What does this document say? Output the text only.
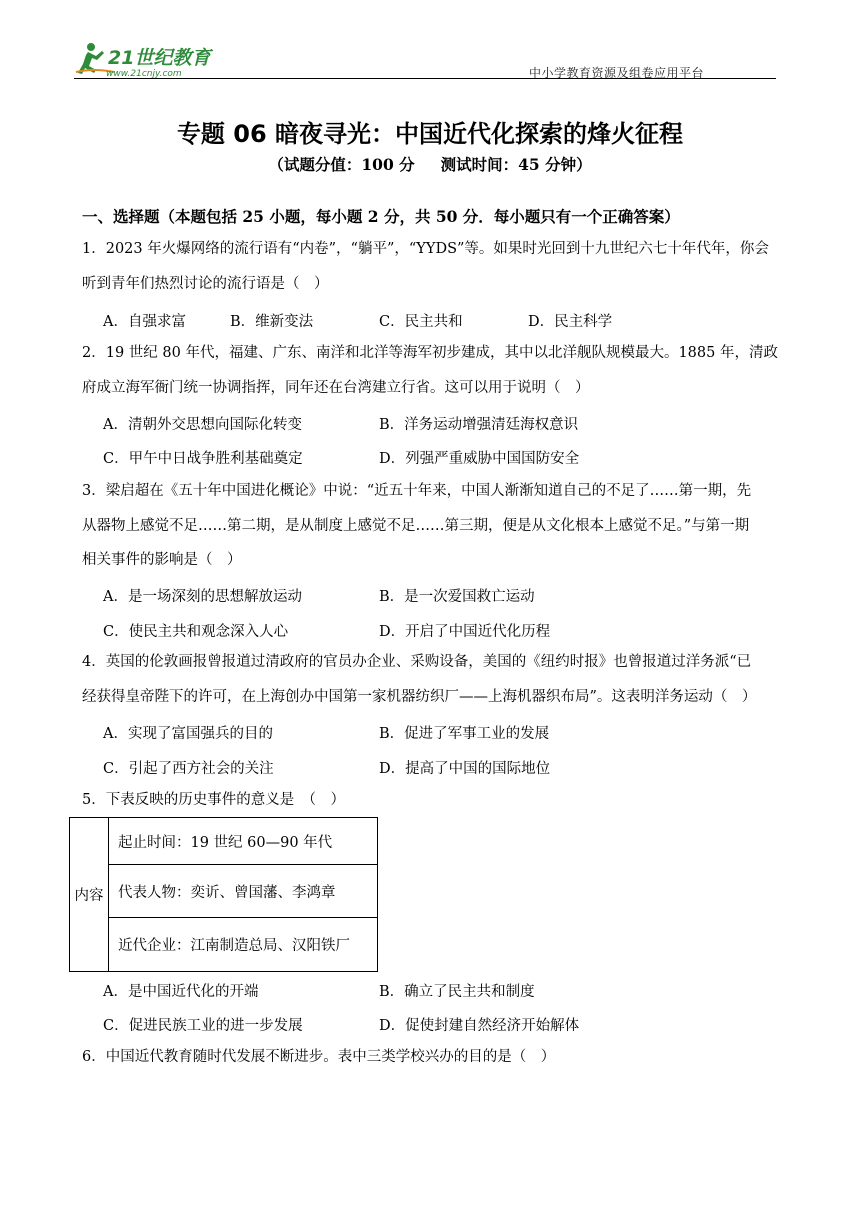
21世纪教育
www.21cnjy.com	中小学教育资源及组卷应用平台
专题 06 暗夜寻光：中国近代化探索的烽火征程
（试题分值：100 分 测试时间：45 分钟）
一、选择题（本题包括 25 小题，每小题 2 分，共 50 分．每小题只有一个正确答案）
1．2023 年火爆网络的流行语有“内卷”，“躺平”，“YYDS”等。如果时光回到十九世纪六七十年代年，你会
听到青年们热烈讨论的流行语是（　）
A．自强求富	B．维新变法	C．民主共和	D．民主科学
2．19 世纪 80 年代，福建、广东、南洋和北洋等海军初步建成，其中以北洋舰队规模最大。1885 年，清政
府成立海军衙门统一协调指挥，同年还在台湾建立行省。这可以用于说明（　）
A．清朝外交思想向国际化转变	B．洋务运动增强清廷海权意识
C．甲午中日战争胜利基础奠定	D．列强严重威胁中国国防安全
3．梁启超在《五十年中国进化概论》中说：“近五十年来，中国人渐渐知道自己的不足了……第一期，先
从器物上感觉不足……第二期，是从制度上感觉不足……第三期，便是从文化根本上感觉不足。”与第一期
相关事件的影响是（　）
A．是一场深刻的思想解放运动	B．是一次爱国救亡运动
C．使民主共和观念深入人心	D．开启了中国近代化历程
4．英国的伦敦画报曾报道过清政府的官员办企业、采购设备，美国的《纽约时报》也曾报道过洋务派“已
经获得皇帝陛下的许可，在上海创办中国第一家机器纺织厂——上海机器织布局”。这表明洋务运动（　）
A．实现了富国强兵的目的	B．促进了军事工业的发展
C．引起了西方社会的关注	D．提高了中国的国际地位
5．下表反映的历史事件的意义是　（　）
内容	起止时间：19 世纪 60—90 年代
代表人物：奕䜣、曾国藩、李鸿章
近代企业：江南制造总局、汉阳铁厂
A．是中国近代化的开端	B．确立了民主共和制度
C．促进民族工业的进一步发展	D．促使封建自然经济开始解体
6．中国近代教育随时代发展不断进步。表中三类学校兴办的目的是（　）
